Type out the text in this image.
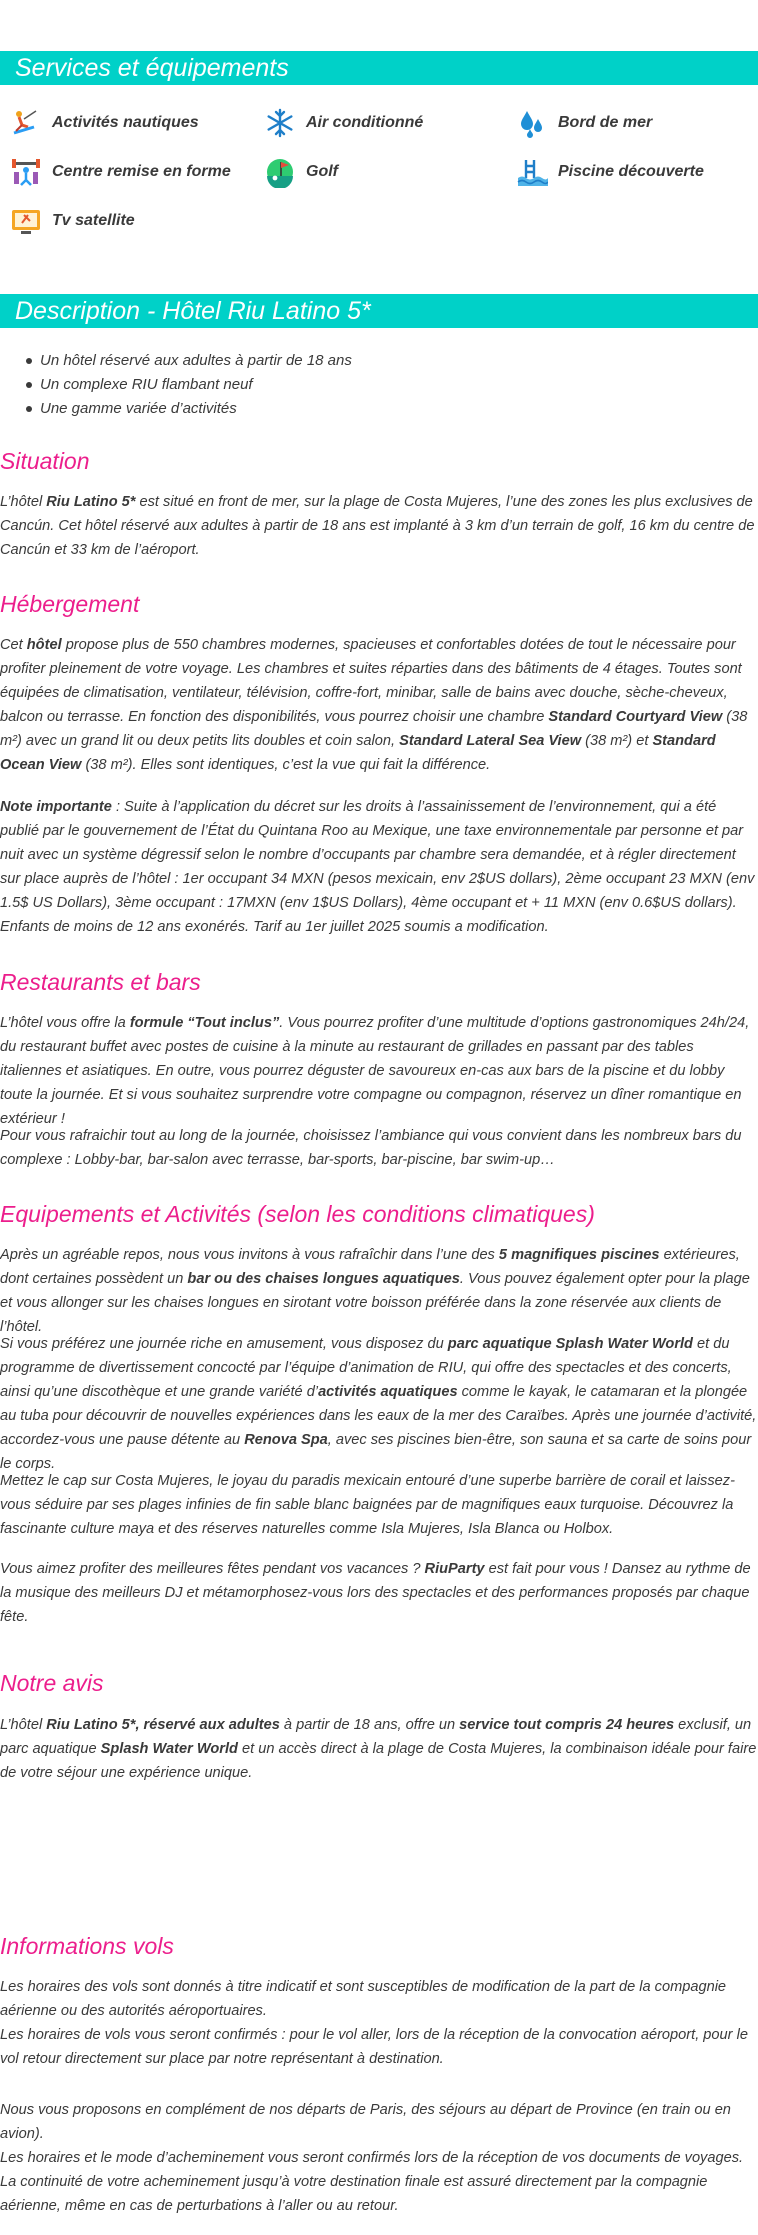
Services et équipements
Activités nautiques	Air conditionné	Bord de mer
Centre remise en forme	Golf	Piscine découverte
Tv satellite
Description - Hôtel Riu Latino 5*
Un hôtel réservé aux adultes à partir de 18 ans
Un complexe RIU flambant neuf
Une gamme variée d’activités
Situation

L’hôtel Riu Latino 5* est situé en front de mer, sur la plage de Costa Mujeres, l’une des zones les plus exclusives de Cancún. Cet hôtel réservé aux adultes à partir de 18 ans est implanté à 3 km d’un terrain de golf, 16 km du centre de Cancún et 33 km de l’aéroport.

Hébergement

Cet hôtel propose plus de 550 chambres modernes, spacieuses et confortables dotées de tout le nécessaire pour profiter pleinement de votre voyage. Les chambres et suites réparties dans des bâtiments de 4 étages. Toutes sont équipées de climatisation, ventilateur, télévision, coffre-fort, minibar, salle de bains avec douche, sèche-cheveux, balcon ou terrasse. En fonction des disponibilités, vous pourrez choisir une chambre Standard Courtyard View (38 m²) avec un grand lit ou deux petits lits doubles et coin salon, Standard Lateral Sea View (38 m²) et Standard Ocean View (38 m²). Elles sont identiques, c’est la vue qui fait la différence.

Note importante : Suite à l’application du décret sur les droits à l’assainissement de l’environnement, qui a été publié par le gouvernement de l’État du Quintana Roo au Mexique, une taxe environnementale par personne et par nuit avec un système dégressif selon le nombre d’occupants par chambre sera demandée, et à régler directement sur place auprès de l’hôtel : 1er occupant 34 MXN (pesos mexicain, env 2$US dollars), 2ème occupant 23 MXN (env 1.5$ US Dollars), 3ème occupant : 17MXN (env 1$US Dollars), 4ème occupant et + 11 MXN (env 0.6$US dollars). Enfants de moins de 12 ans exonérés. Tarif au 1er juillet 2025 soumis a modification.

Restaurants et bars

L’hôtel vous offre la formule “Tout inclus”. Vous pourrez profiter d’une multitude d’options gastronomiques 24h/24, du restaurant buffet avec postes de cuisine à la minute au restaurant de grillades en passant par des tables italiennes et asiatiques. En outre, vous pourrez déguster de savoureux en-cas aux bars de la piscine et du lobby toute la journée. Et si vous souhaitez surprendre votre compagne ou compagnon, réservez un dîner romantique en extérieur !

Pour vous rafraichir tout au long de la journée, choisissez l’ambiance qui vous convient dans les nombreux bars du complexe : Lobby-bar, bar-salon avec terrasse, bar-sports, bar-piscine, bar swim-up…

Equipements et Activités (selon les conditions climatiques)

Après un agréable repos, nous vous invitons à vous rafraîchir dans l’une des 5 magnifiques piscines extérieures, dont certaines possèdent un bar ou des chaises longues aquatiques. Vous pouvez également opter pour la plage et vous allonger sur les chaises longues en sirotant votre boisson préférée dans la zone réservée aux clients de l’hôtel.

Si vous préférez une journée riche en amusement, vous disposez du parc aquatique Splash Water World et du programme de divertissement concocté par l’équipe d’animation de RIU, qui offre des spectacles et des concerts, ainsi qu’une discothèque et une grande variété d’activités aquatiques comme le kayak, le catamaran et la plongée au tuba pour découvrir de nouvelles expériences dans les eaux de la mer des Caraïbes. Après une journée d’activité, accordez-vous une pause détente au Renova Spa, avec ses piscines bien-être, son sauna et sa carte de soins pour le corps.

Mettez le cap sur Costa Mujeres, le joyau du paradis mexicain entouré d’une superbe barrière de corail et laissez-vous séduire par ses plages infinies de fin sable blanc baignées par de magnifiques eaux turquoise. Découvrez la fascinante culture maya et des réserves naturelles comme Isla Mujeres, Isla Blanca ou Holbox.

Vous aimez profiter des meilleures fêtes pendant vos vacances ? RiuParty est fait pour vous ! Dansez au rythme de la musique des meilleurs DJ et métamorphosez-vous lors des spectacles et des performances proposés par chaque fête.

Notre avis

L’hôtel Riu Latino 5*, réservé aux adultes à partir de 18 ans, offre un service tout compris 24 heures exclusif, un parc aquatique Splash Water World et un accès direct à la plage de Costa Mujeres, la combinaison idéale pour faire de votre séjour une expérience unique.

Informations vols
Les horaires des vols sont donnés à titre indicatif et sont susceptibles de modification de la part de la compagnie aérienne ou des autorités aéroportuaires.
Les horaires de vols vous seront confirmés : pour le vol aller, lors de la réception de la convocation aéroport, pour le vol retour directement sur place par notre représentant à destination.
Nous vous proposons en complément de nos départs de Paris, des séjours au départ de Province (en train ou en avion).
Les horaires et le mode d’acheminement vous seront confirmés lors de la réception de vos documents de voyages.
La continuité de votre acheminement jusqu’à votre destination finale est assuré directement par la compagnie aérienne, même en cas de perturbations à l’aller ou au retour.
